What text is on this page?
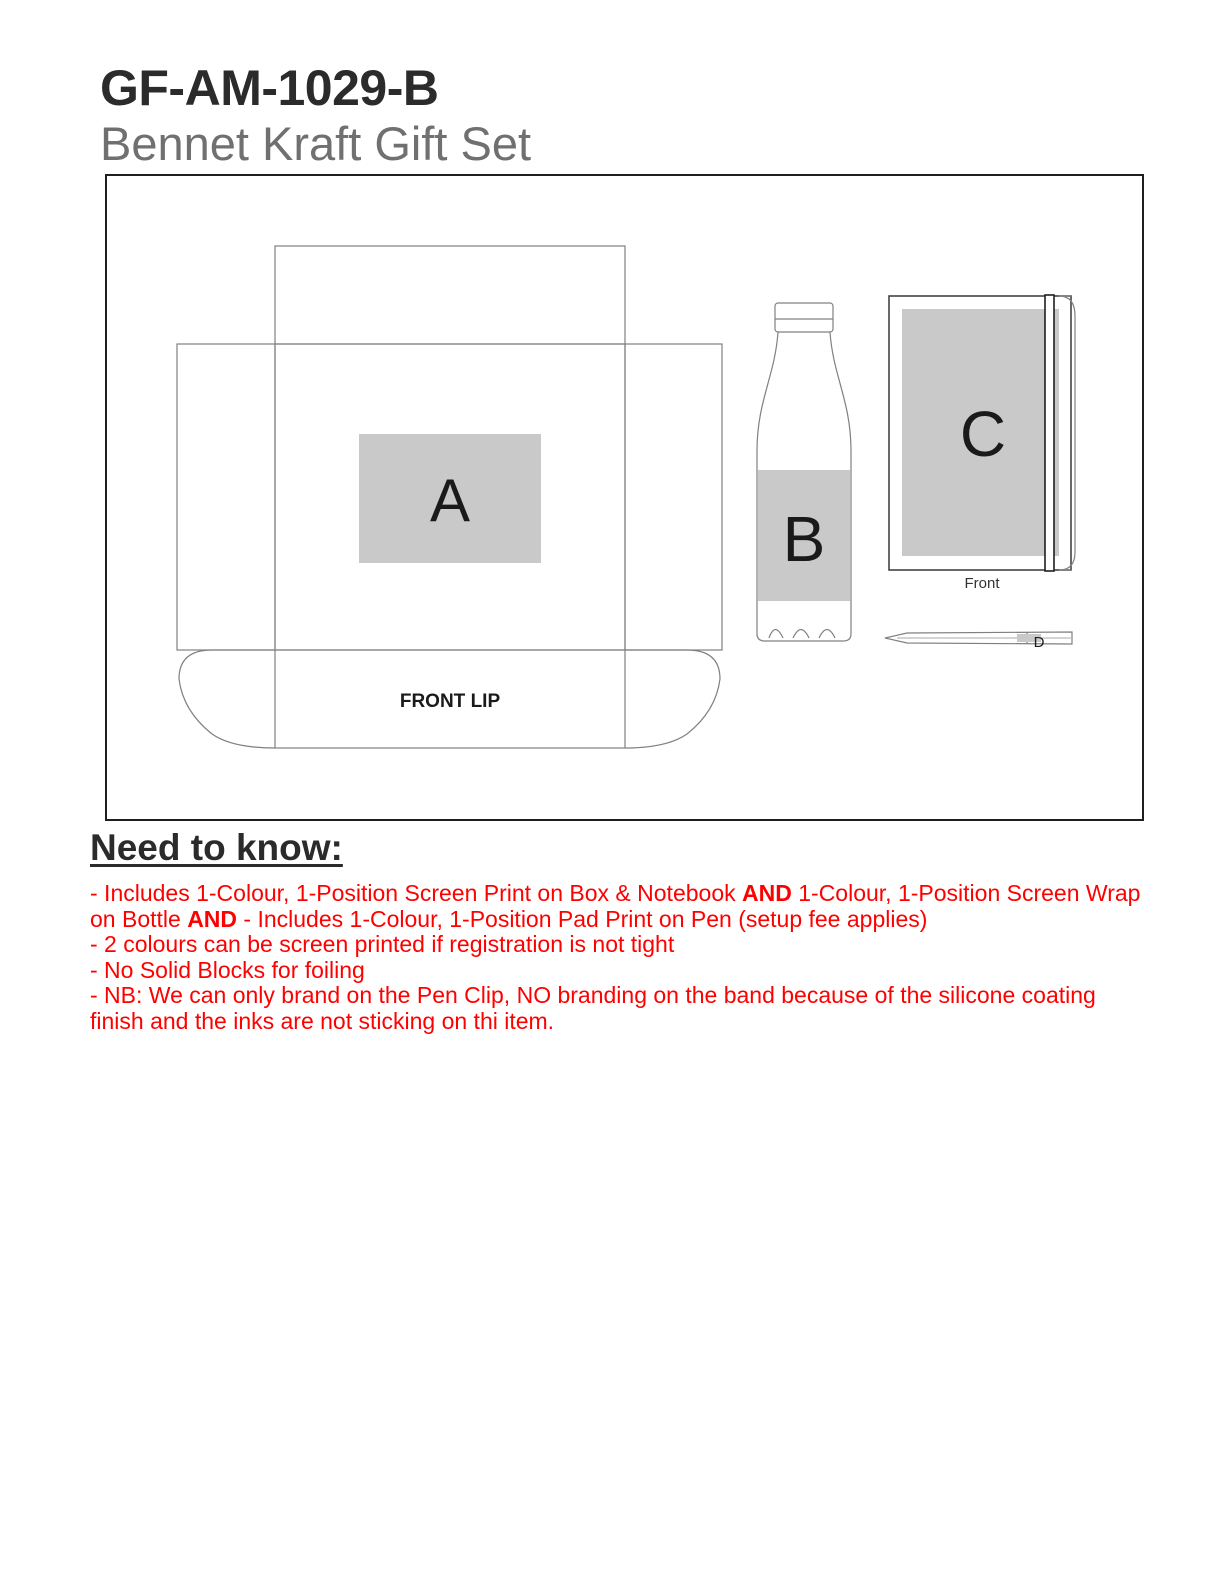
GF-AM-1029-B
Bennet Kraft Gift Set
A
FRONT LIP
B
C
Front
D
Need to know:
- Includes 1-Colour, 1-Position Screen Print on Box & Notebook AND 1-Colour, 1-Position Screen Wrap on Bottle AND - Includes 1-Colour, 1-Position Pad Print on Pen (setup fee applies)
- 2 colours can be screen printed if registration is not tight
- No Solid Blocks for foiling
- NB: We can only brand on the Pen Clip, NO branding on the band because of the silicone coating finish and the inks are not sticking on thi item.
